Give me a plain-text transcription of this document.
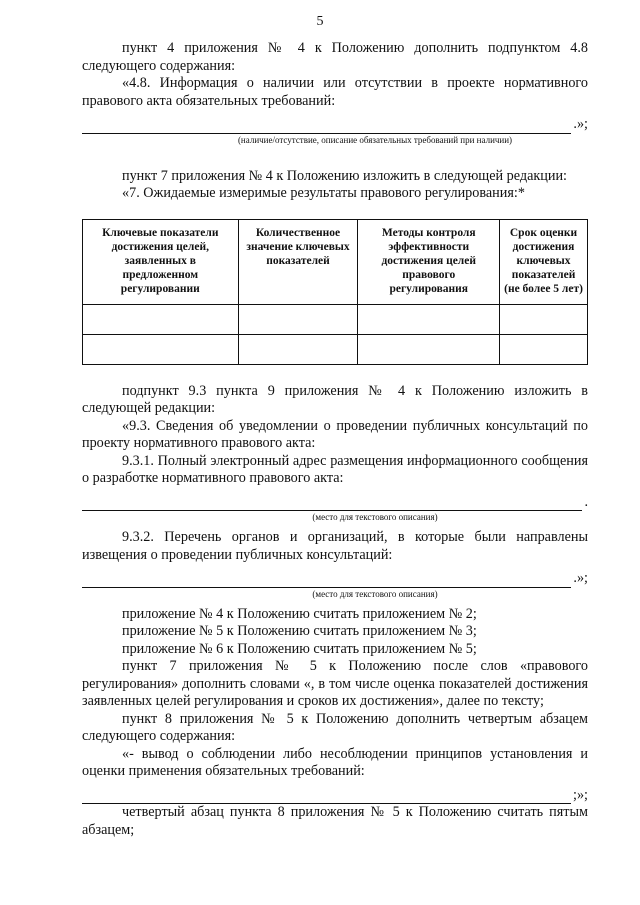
5
пункт 4 приложения № 4 к Положению дополнить подпунктом 4.8 следующего содержания:
«4.8. Информация о наличии или отсутствии в проекте нормативного правового акта обязательных требований:
.»;
(наличие/отсутствие, описание обязательных требований при наличии)
пункт 7 приложения № 4 к Положению изложить в следующей редакции:
«7. Ожидаемые измеримые результаты правового регулирования:*
Ключевые показатели достижения целей, заявленных в предложенном регулировании	Количественное значение ключевых показателей	Методы контроля эффективности достижения целей правового регулирования	Срок оценки достижения ключевых показателей (не более 5 лет)

подпункт 9.3 пункта 9 приложения № 4 к Положению изложить в следующей редакции:
«9.3. Сведения об уведомлении о проведении публичных консультаций по проекту нормативного правового акта:
9.3.1. Полный электронный адрес размещения информационного сообщения о разработке нормативного правового акта:
.
(место для текстового описания)
9.3.2. Перечень органов и организаций, в которые были направлены извещения о проведении публичных консультаций:
.»;
(место для текстового описания)
приложение № 4 к Положению считать приложением № 2;
приложение № 5 к Положению считать приложением № 3;
приложение № 6 к Положению считать приложением № 5;
пункт 7 приложения № 5 к Положению после слов «правового регулирования» дополнить словами «, в том числе оценка показателей достижения заявленных целей регулирования и сроков их достижения», далее по тексту;
пункт 8 приложения № 5 к Положению дополнить четвертым абзацем следующего содержания:
«- вывод о соблюдении либо несоблюдении принципов установления и оценки применения обязательных требований:
;»;
четвертый абзац пункта 8 приложения № 5 к Положению считать пятым абзацем;
